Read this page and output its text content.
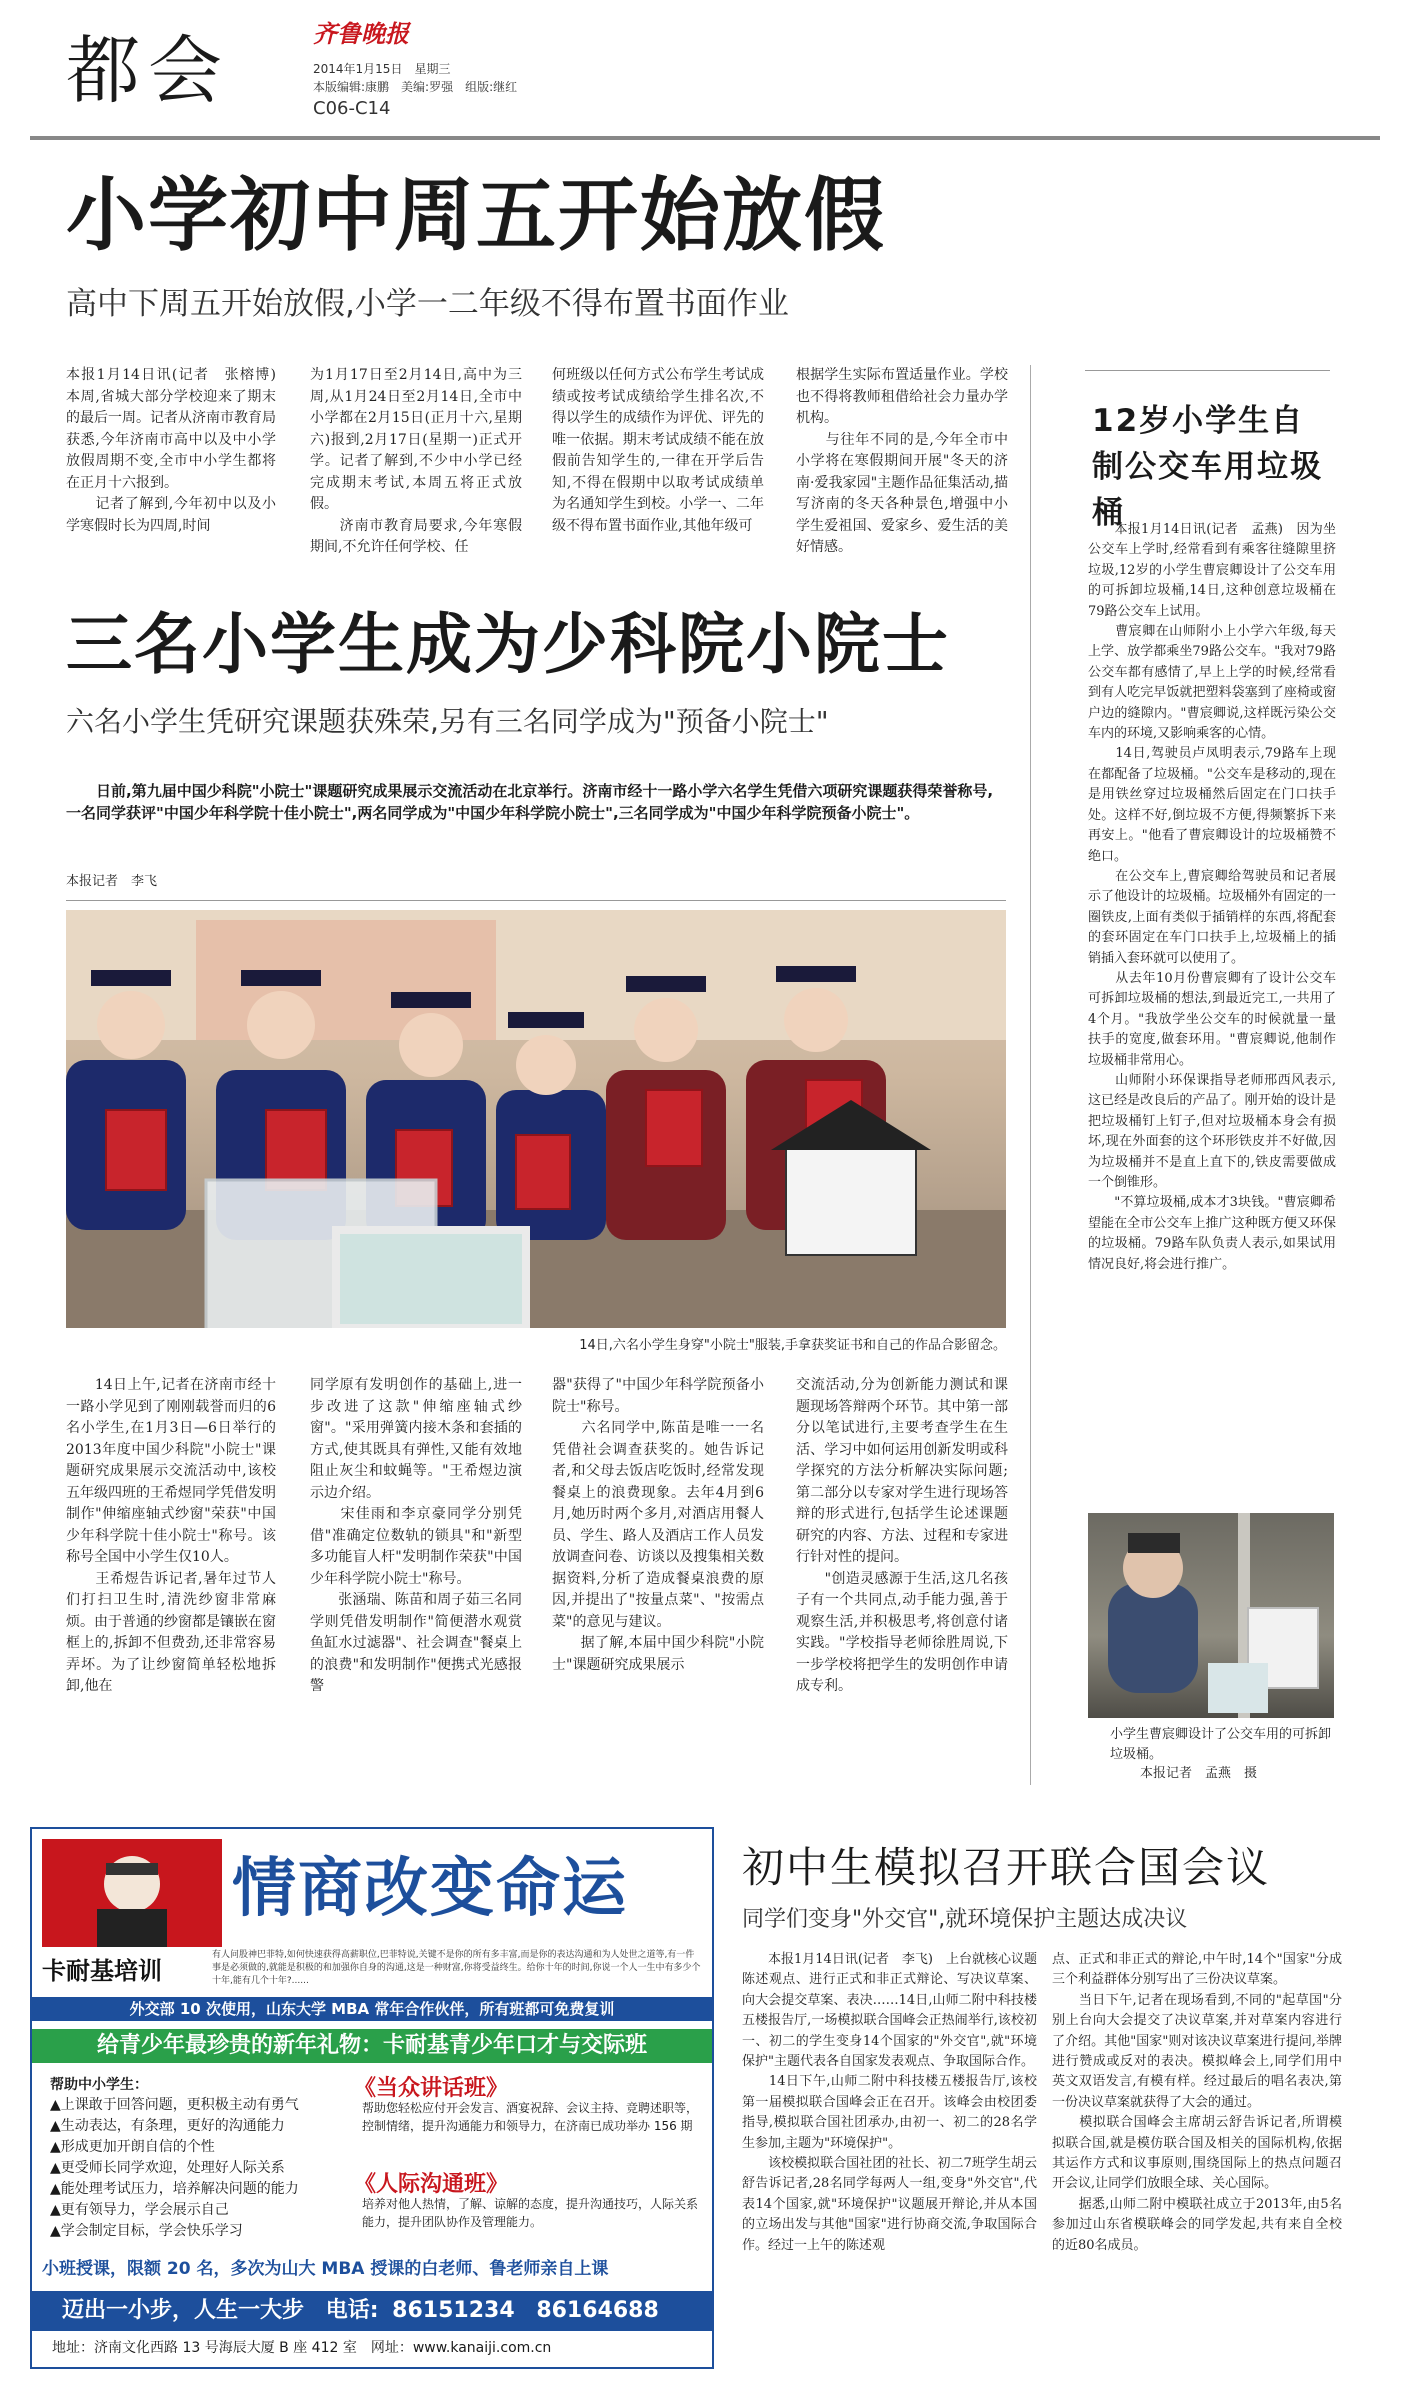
都会	齐鲁晚报
2014年1月15日　星期三
本版编辑:康鹏　美编:罗强　组版:继红
C06-C14
小学初中周五开始放假
高中下周五开始放假,小学一二年级不得布置书面作业
本报1月14日讯(记者　张榕博)　本周,省城大部分学校迎来了期末的最后一周。记者从济南市教育局获悉,今年济南市高中以及中小学放假周期不变,全市中小学生都将在正月十六报到。
　　记者了解到,今年初中以及小学寒假时长为四周,时间
为1月17日至2月14日,高中为三周,从1月24日至2月14日,全市中小学都在2月15日(正月十六,星期六)报到,2月17日(星期一)正式开学。记者了解到,不少中小学已经完成期末考试,本周五将正式放假。
　　济南市教育局要求,今年寒假期间,不允许任何学校、任
何班级以任何方式公布学生考试成绩或按考试成绩给学生排名次,不得以学生的成绩作为评优、评先的唯一依据。期末考试成绩不能在放假前告知学生的,一律在开学后告知,不得在假期中以取考试成绩单为名通知学生到校。小学一、二年级不得布置书面作业,其他年级可
根据学生实际布置适量作业。学校也不得将教师租借给社会力量办学机构。
　　与往年不同的是,今年全市中小学将在寒假期间开展"冬天的济南·爱我家园"主题作品征集活动,描写济南的冬天各种景色,增强中小学生爱祖国、爱家乡、爱生活的美好情感。
三名小学生成为少科院小院士
六名小学生凭研究课题获殊荣,另有三名同学成为"预备小院士"
日前,第九届中国少科院"小院士"课题研究成果展示交流活动在北京举行。济南市经十一路小学六名学生凭借六项研究课题获得荣誉称号,一名同学获评"中国少年科学院十佳小院士",两名同学成为"中国少年科学院小院士",三名同学成为"中国少年科学院预备小院士"。
本报记者　李飞
14日,六名小学生身穿"小院士"服装,手拿获奖证书和自己的作品合影留念。
　　14日上午,记者在济南市经十一路小学见到了刚刚载誉而归的6名小学生,在1月3日—6日举行的2013年度中国少科院"小院士"课题研究成果展示交流活动中,该校五年级四班的王希煜同学凭借发明制作"伸缩座轴式纱窗"荣获"中国少年科学院十佳小院士"称号。该称号全国中小学生仅10人。
　　王希煜告诉记者,暑年过节人们打扫卫生时,清洗纱窗非常麻烦。由于普通的纱窗都是镶嵌在窗框上的,拆卸不但费劲,还非常容易弄坏。为了让纱窗简单轻松地拆卸,他在
同学原有发明创作的基础上,进一步改进了这款"伸缩座轴式纱窗"。"采用弹簧内接木条和套插的方式,使其既具有弹性,又能有效地阻止灰尘和蚊蝇等。"王希煜边演示边介绍。
　　宋佳雨和李京豪同学分别凭借"准确定位数轨的锁具"和"新型多功能盲人杆"发明制作荣获"中国少年科学院小院士"称号。
　　张涵瑞、陈苗和周子茹三名同学则凭借发明制作"简便潜水观赏鱼缸水过滤器"、社会调查"餐桌上的浪费"和发明制作"便携式光感报警
器"获得了"中国少年科学院预备小院士"称号。
　　六名同学中,陈苗是唯一一名凭借社会调查获奖的。她告诉记者,和父母去饭店吃饭时,经常发现餐桌上的浪费现象。去年4月到6月,她历时两个多月,对酒店用餐人员、学生、路人及酒店工作人员发放调查问卷、访谈以及搜集相关数据资料,分析了造成餐桌浪费的原因,并提出了"按量点菜"、"按需点菜"的意见与建议。
　　据了解,本届中国少科院"小院士"课题研究成果展示
交流活动,分为创新能力测试和课题现场答辩两个环节。其中第一部分以笔试进行,主要考查学生在生活、学习中如何运用创新发明或科学探究的方法分析解决实际问题;第二部分以专家对学生进行现场答辩的形式进行,包括学生论述课题研究的内容、方法、过程和专家进行针对性的提问。
　　"创造灵感源于生活,这几名孩子有一个共同点,动手能力强,善于观察生活,并积极思考,将创意付诸实践。"学校指导老师徐胜周说,下一步学校将把学生的发明创作申请成专利。
12岁小学生自制公交车用垃圾桶
　　本报1月14日讯(记者　孟燕)　因为坐公交车上学时,经常看到有乘客往缝隙里挤垃圾,12岁的小学生曹宸卿设计了公交车用的可拆卸垃圾桶,14日,这种创意垃圾桶在79路公交车上试用。
　　曹宸卿在山师附小上小学六年级,每天上学、放学都乘坐79路公交车。"我对79路公交车都有感情了,早上上学的时候,经常看到有人吃完早饭就把塑料袋塞到了座椅或窗户边的缝隙内。"曹宸卿说,这样既污染公交车内的环境,又影响乘客的心情。
　　14日,驾驶员卢凤明表示,79路车上现在都配备了垃圾桶。"公交车是移动的,现在是用铁丝穿过垃圾桶然后固定在门口扶手处。这样不好,倒垃圾不方便,得频繁拆下来再安上。"他看了曹宸卿设计的垃圾桶赞不绝口。
　　在公交车上,曹宸卿给驾驶员和记者展示了他设计的垃圾桶。垃圾桶外有固定的一圈铁皮,上面有类似于插销样的东西,将配套的套环固定在车门口扶手上,垃圾桶上的插销插入套环就可以使用了。
　　从去年10月份曹宸卿有了设计公交车可拆卸垃圾桶的想法,到最近完工,一共用了4个月。"我放学坐公交车的时候就量一量扶手的宽度,做套环用。"曹宸卿说,他制作垃圾桶非常用心。
　　山师附小环保课指导老师邢西风表示,这已经是改良后的产品了。刚开始的设计是把垃圾桶钉上钉子,但对垃圾桶本身会有损坏,现在外面套的这个环形铁皮并不好做,因为垃圾桶并不是直上直下的,铁皮需要做成一个倒锥形。
　　"不算垃圾桶,成本才3块钱。"曹宸卿希望能在全市公交车上推广这种既方便又环保的垃圾桶。79路车队负责人表示,如果试用情况良好,将会进行推广。
小学生曹宸卿设计了公交车用的可拆卸垃圾桶。
本报记者　孟燕　摄
初中生模拟召开联合国会议
同学们变身"外交官",就环境保护主题达成决议
　　本报1月14日讯(记者　李飞)　上台就核心议题陈述观点、进行正式和非正式辩论、写决议草案、向大会提交草案、表决……14日,山师二附中科技楼五楼报告厅,一场模拟联合国峰会正热闹举行,该校初一、初二的学生变身14个国家的"外交官",就"环境保护"主题代表各自国家发表观点、争取国际合作。
　　14日下午,山师二附中科技楼五楼报告厅,该校第一届模拟联合国峰会正在召开。该峰会由校团委指导,模拟联合国社团承办,由初一、初二的28名学生参加,主题为"环境保护"。
　　该校模拟联合国社团的社长、初二7班学生胡云舒告诉记者,28名同学每两人一组,变身"外交官",代表14个国家,就"环境保护"议题展开辩论,并从本国的立场出发与其他"国家"进行协商交流,争取国际合作。经过一上午的陈述观
点、正式和非正式的辩论,中午时,14个"国家"分成三个利益群体分别写出了三份决议草案。
　　当日下午,记者在现场看到,不同的"起草国"分别上台向大会提交了决议草案,并对草案内容进行了介绍。其他"国家"则对该决议草案进行提问,举牌进行赞成或反对的表决。模拟峰会上,同学们用中英文双语发言,有模有样。经过最后的唱名表决,第一份决议草案就获得了大会的通过。
　　模拟联合国峰会主席胡云舒告诉记者,所谓模拟联合国,就是模仿联合国及相关的国际机构,依据其运作方式和议事原则,围绕国际上的热点问题召开会议,让同学们放眼全球、关心国际。
　　据悉,山师二附中模联社成立于2013年,由5名参加过山东省模联峰会的同学发起,共有来自全校的近80名成员。
情商改变命运
卡耐基培训
有人问股神巴菲特,如何快速获得高薪职位,巴菲特说,关键不是你的所有多丰富,而是你的表达沟通和为人处世之道等,有一件事是必须做的,就能是积极的和加强你自身的沟通,这是一种财富,你将受益终生。给你十年的时间,你说一个人一生中有多少个十年,能有几个十年?......
外交部 10 次使用，山东大学 MBA 常年合作伙伴，所有班都可免费复训
给青少年最珍贵的新年礼物：卡耐基青少年口才与交际班
帮助中小学生：
▲上课敢于回答问题，更积极主动有勇气
▲生动表达，有条理，更好的沟通能力
▲形成更加开朗自信的个性
▲更受师长同学欢迎，处理好人际关系
▲能处理考试压力，培养解决问题的能力
▲更有领导力，学会展示自己
▲学会制定目标，学会快乐学习
《当众讲话班》
帮助您轻松应付开会发言、酒宴祝辞、会议主持、竞聘述职等，控制情绪，提升沟通能力和领导力，在济南已成功举办 156 期
《人际沟通班》
培养对他人热情，了解、谅解的态度，提升沟通技巧，人际关系能力，提升团队协作及管理能力。
小班授课，限额 20 名，多次为山大 MBA 授课的白老师、鲁老师亲自上课
迈出一小步，人生一大步 电话: 86151234 86164688
地址：济南文化西路 13 号海辰大厦 B 座 412 室　网址：www.kanaiji.com.cn
